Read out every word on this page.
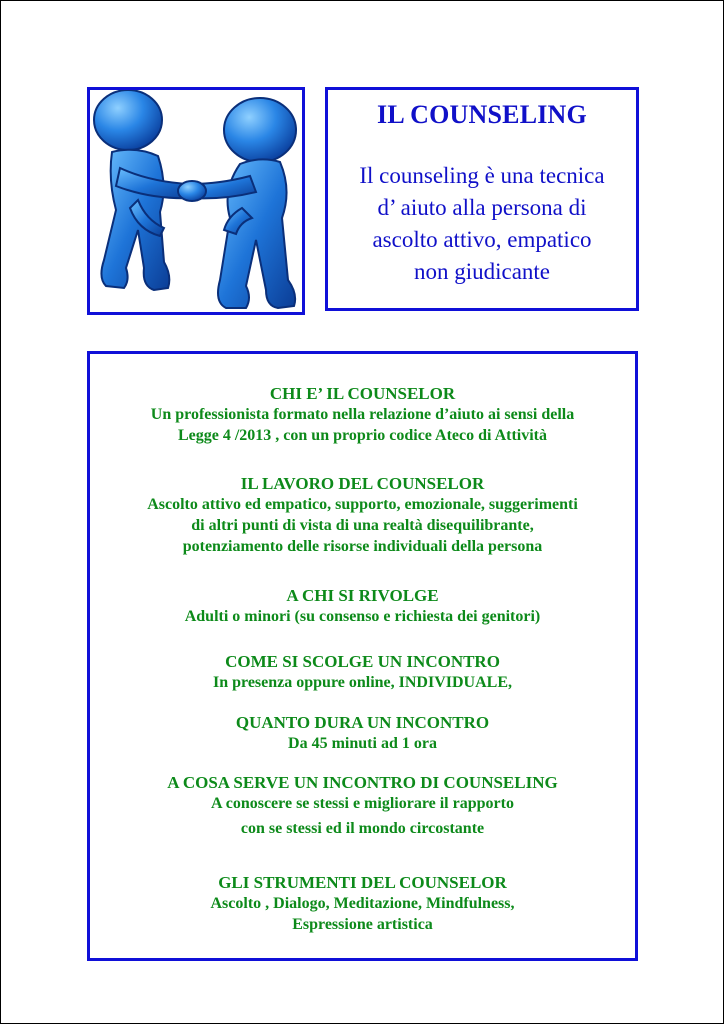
IL COUNSELING
Il counseling è una tecnica
d’ aiuto alla persona di
ascolto attivo, empatico
non giudicante
CHI E’ IL COUNSELOR
Un professionista formato nella relazione d’aiuto ai sensi della
Legge 4 /2013 , con un proprio codice Ateco di Attività
IL LAVORO DEL COUNSELOR
Ascolto attivo ed empatico, supporto, emozionale, suggerimenti
di altri punti di vista di una realtà disequilibrante,
potenziamento delle risorse individuali della persona
A CHI SI RIVOLGE
Adulti o minori (su consenso e richiesta dei genitori)
COME SI SCOLGE UN INCONTRO
In presenza oppure online, INDIVIDUALE,
QUANTO DURA UN INCONTRO
Da 45 minuti ad 1 ora
A COSA SERVE UN INCONTRO DI COUNSELING
A conoscere se stessi e migliorare il rapporto
con se stessi ed il mondo circostante
GLI STRUMENTI DEL COUNSELOR
Ascolto , Dialogo, Meditazione, Mindfulness,
Espressione artistica
